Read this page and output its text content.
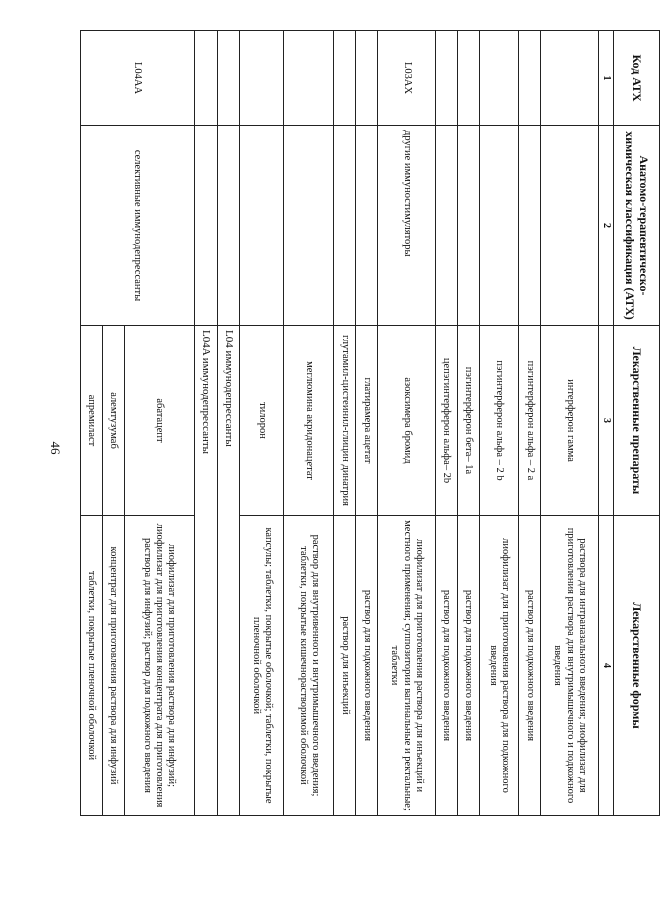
46
Код АТХ	Анатомо-терапевтическо-химическая классификация (АТХ)	Лекарственные препараты	Лекарственные формы
1	2	3	4
		интерферон гамма	раствора для интраназального введения; лиофилизат для приготовления раствора для внутримышечного и подкожного введения
		пэгинтерферон альфа – 2 а	раствор для подкожного введения
		пэгинтерферон альфа – 2 b	лиофилизат для приготовления раствора для подкожного введения
		пэгинтерферон бета– 1а	раствор для подкожного введения
		цепэгинтерферон альфа– 2b	раствор для подкожного введения
L03AX	другие иммуностимуляторы	азоксимера бромид	лиофилизат для приготовления раствора для инъекций и местного применения; суппозитории вагинальные и ректальные; таблетки
		глатирамера ацетат	раствор для подкожного введения
		глутамил-цистеинил-глицин динатрия	раствор для инъекций
		меглюмина акридонацетат	раствор для внутривенного и внутримышечного введения; таблетки, покрытые кишечнорастворимой оболочкой
		тилорон	капсулы; таблетки, покрытые оболочкой; таблетки, покрытые пленочной оболочкой
		L04 иммунодепрессанты	
		L04A иммунодепрессанты	
L04AA	селективные иммунодепрессанты	абатацепт	лиофилизат для приготовления раствора для инфузий; лиофилизат для приготовления концентрата для приготовления раствора для инфузий; раствор для подкожного введения
		алемтузумаб	концентрат для приготовления раствора для инфузий
		апремиласт	таблетки, покрытые пленочной оболочкой
